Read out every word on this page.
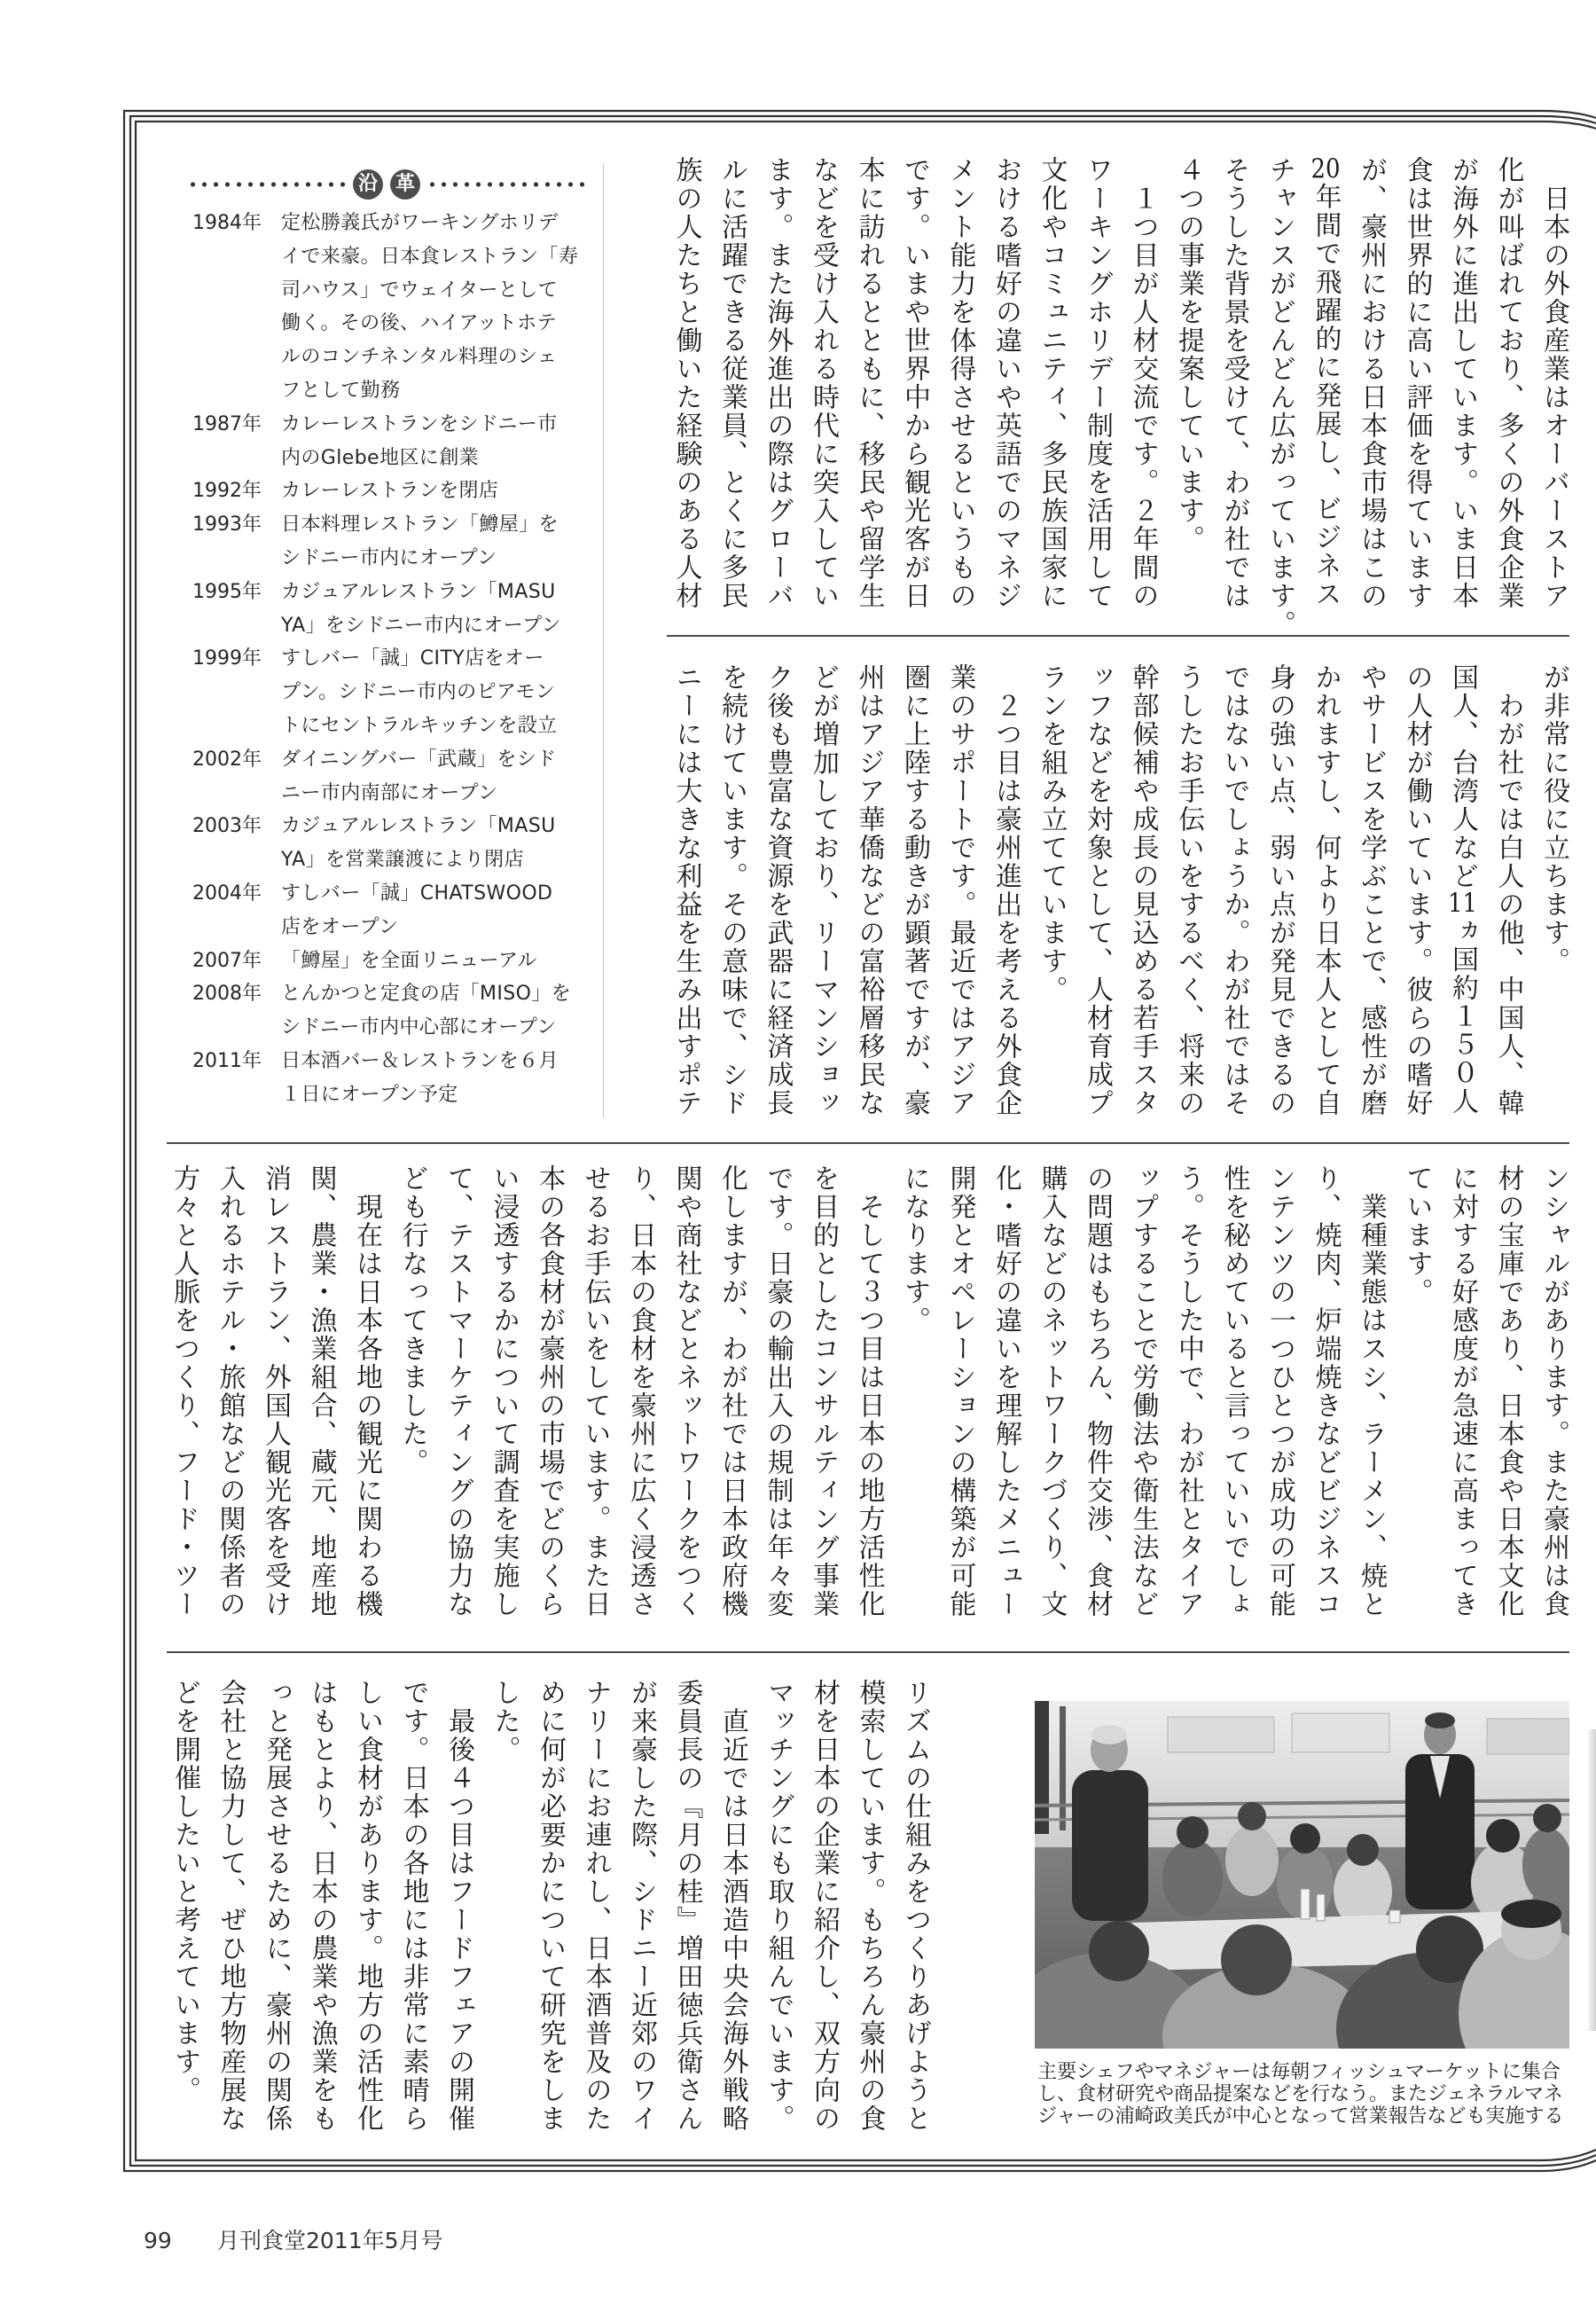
沿 革
1984年	定松勝義氏がワーキングホリデ
イで来豪。日本食レストラン「寿
司ハウス」でウェイターとして
働く。その後、ハイアットホテ
ルのコンチネンタル料理のシェ
フとして勤務
1987年	カレーレストランをシドニー市
内のGlebe地区に創業
1992年	カレーレストランを閉店
1993年	日本料理レストラン「鱒屋」を
シドニー市内にオープン
1995年	カジュアルレストラン「MASU
YA」をシドニー市内にオープン
1999年	すしバー「誠」CITY店をオー
プン。シドニー市内のピアモン
トにセントラルキッチンを設立
2002年	ダイニングバー「武蔵」をシド
ニー市内南部にオープン
2003年	カジュアルレストラン「MASU
YA」を営業譲渡により閉店
2004年	すしバー「誠」CHATSWOOD
店をオープン
2007年	「鱒屋」を全面リニューアル
2008年	とんかつと定食の店「MISO」を
シドニー市内中心部にオープン
2011年	日本酒バー＆レストランを６月
１日にオープン予定
日本の外食産業はオーバーストア
化が叫ばれており、多くの外食企業
が海外に進出しています。いま日本
食は世界的に高い評価を得ています
が、豪州における日本食市場はこの
20年間で飛躍的に発展し、ビジネス
チャンスがどんどん広がっています。
そうした背景を受けて、わが社では
４つの事業を提案しています。
１つ目が人材交流です。２年間の
ワーキングホリデー制度を活用して
文化やコミュニティ、多民族国家に
おける嗜好の違いや英語でのマネジ
メント能力を体得させるというもの
です。いまや世界中から観光客が日
本に訪れるとともに、移民や留学生
などを受け入れる時代に突入してい
ます。また海外進出の際はグローバ
ルに活躍できる従業員、とくに多民
族の人たちと働いた経験のある人材
が非常に役に立ちます。
わが社では白人の他、中国人、韓
国人、台湾人など11ヵ国約１５０人
の人材が働いています。彼らの嗜好
やサービスを学ぶことで、感性が磨
かれますし、何より日本人として自
身の強い点、弱い点が発見できるの
ではないでしょうか。わが社ではそ
うしたお手伝いをするべく、将来の
幹部候補や成長の見込める若手スタ
ッフなどを対象として、人材育成プ
ランを組み立てています。
２つ目は豪州進出を考える外食企
業のサポートです。最近ではアジア
圏に上陸する動きが顕著ですが、豪
州はアジア華僑などの富裕層移民な
どが増加しており、リーマンショッ
ク後も豊富な資源を武器に経済成長
を続けています。その意味で、シド
ニーには大きな利益を生み出すポテ
ンシャルがあります。また豪州は食
材の宝庫であり、日本食や日本文化
に対する好感度が急速に高まってき
ています。
業種業態はスシ、ラーメン、焼と
り、焼肉、炉端焼きなどビジネスコ
ンテンツの一つひとつが成功の可能
性を秘めていると言っていいでしょ
う。そうした中で、わが社とタイア
ップすることで労働法や衛生法など
の問題はもちろん、物件交渉、食材
購入などのネットワークづくり、文
化・嗜好の違いを理解したメニュー
開発とオペレーションの構築が可能
になります。
そして３つ目は日本の地方活性化
を目的としたコンサルティング事業
です。日豪の輸出入の規制は年々変
化しますが、わが社では日本政府機
関や商社などとネットワークをつく
り、日本の食材を豪州に広く浸透さ
せるお手伝いをしています。また日
本の各食材が豪州の市場でどのくら
い浸透するかについて調査を実施し
て、テストマーケティングの協力な
ども行なってきました。
現在は日本各地の観光に関わる機
関、農業・漁業組合、蔵元、地産地
消レストラン、外国人観光客を受け
入れるホテル・旅館などの関係者の
方々と人脈をつくり、フード・ツー
リズムの仕組みをつくりあげようと
模索しています。もちろん豪州の食
材を日本の企業に紹介し、双方向の
マッチングにも取り組んでいます。
直近では日本酒造中央会海外戦略
委員長の『月の桂』増田徳兵衛さん
が来豪した際、シドニー近郊のワイ
ナリーにお連れし、日本酒普及のた
めに何が必要かについて研究をしま
した。
最後４つ目はフードフェアの開催
です。日本の各地には非常に素晴ら
しい食材があります。地方の活性化
はもとより、日本の農業や漁業をも
っと発展させるために、豪州の関係
会社と協力して、ぜひ地方物産展な
どを開催したいと考えています。	主要シェフやマネジャーは毎朝フィッシュマーケットに集合
し、食材研究や商品提案などを行なう。またジェネラルマネ
ジャーの浦崎政美氏が中心となって営業報告なども実施する
99 月刊食堂2011年5月号
